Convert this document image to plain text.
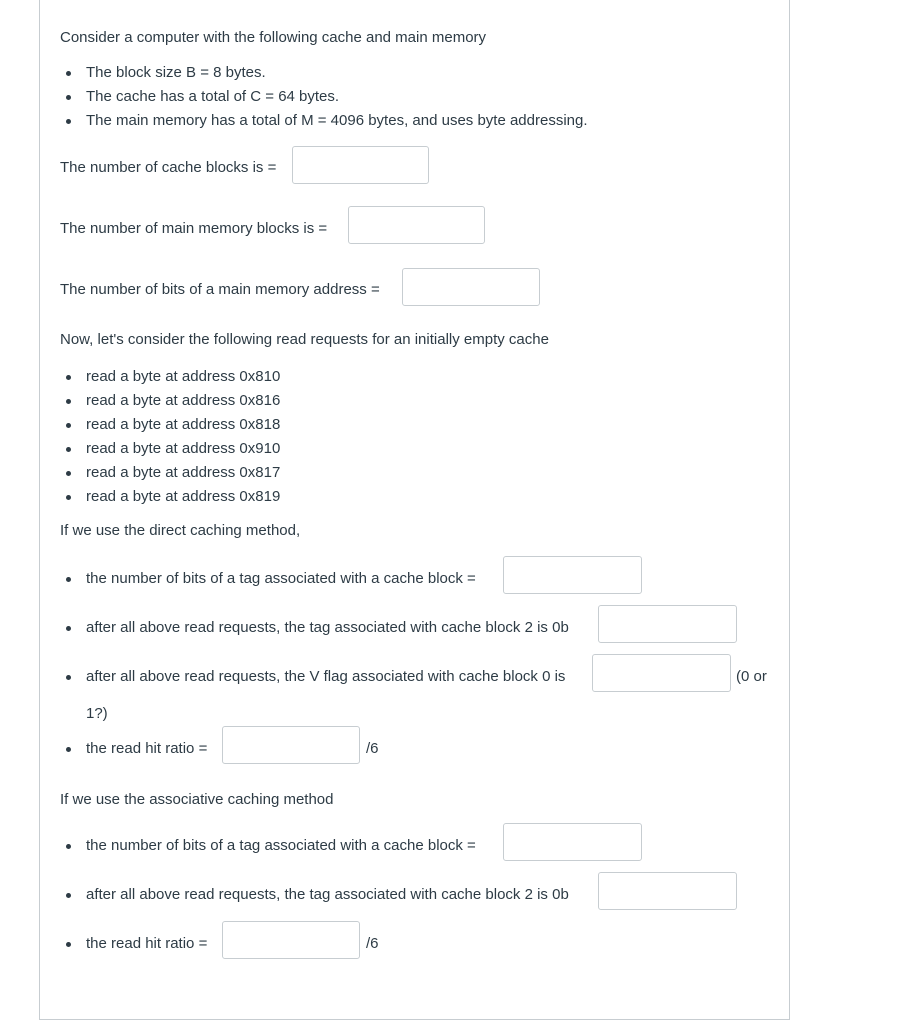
Consider a computer with the following cache and main memory
The block size B = 8 bytes.
The cache has a total of C = 64 bytes.
The main memory has a total of M = 4096 bytes, and uses byte addressing.
The number of cache blocks is =
The number of main memory blocks is =
The number of bits of a main memory address =
Now, let's consider the following read requests for an initially empty cache
read a byte at address 0x810
read a byte at address 0x816
read a byte at address 0x818
read a byte at address 0x910
read a byte at address 0x817
read a byte at address 0x819
If we use the direct caching method,
the number of bits of a tag associated with a cache block =
after all above read requests, the tag associated with cache block 2 is 0b
after all above read requests, the V flag associated with cache block 0 is	(0 or
1?)
the read hit ratio =	/6
If we use the associative caching method
the number of bits of a tag associated with a cache block =
after all above read requests, the tag associated with cache block 2 is 0b
the read hit ratio =	/6
